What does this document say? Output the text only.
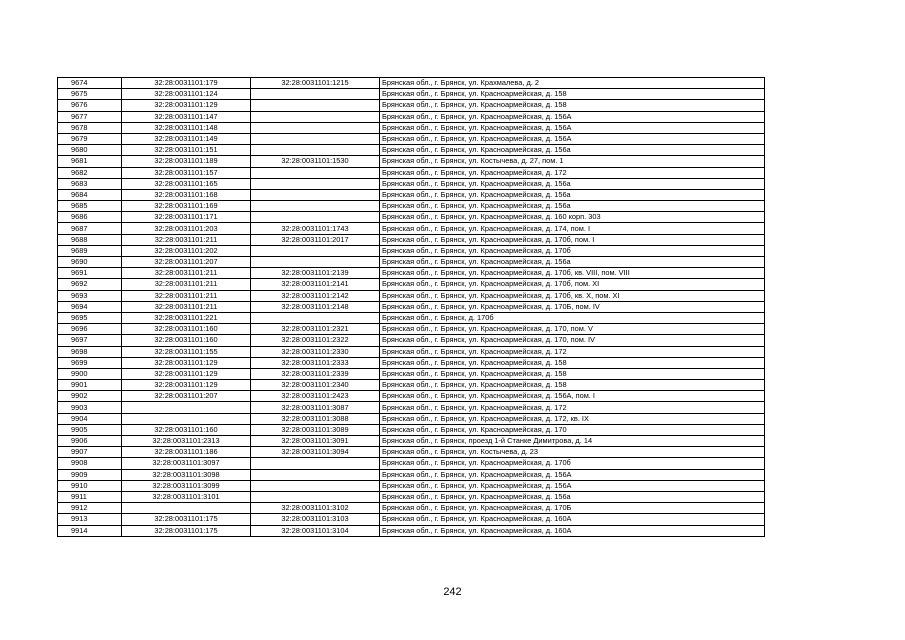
9674	32:28:0031101:179	32:28:0031101:1215	Брянская обл., г. Брянск, ул. Крахмалева, д. 2
9675	32:28:0031101:124		Брянская обл., г. Брянск, ул. Красноармейская, д. 158
9676	32:28:0031101:129		Брянская обл., г. Брянск, ул. Красноармейская, д. 158
9677	32:28:0031101:147		Брянская обл., г. Брянск, ул. Красноармейская, д. 156А
9678	32:28:0031101:148		Брянская обл., г. Брянск, ул. Красноармейская, д. 156А
9679	32:28:0031101:149		Брянская обл., г. Брянск, ул. Красноармейская, д. 156А
9680	32:28:0031101:151		Брянская обл., г. Брянск, ул. Красноармейская, д. 156а
9681	32:28:0031101:189	32:28:0031101:1530	Брянская обл., г. Брянск, ул. Костычева, д. 27, пом. 1
9682	32:28:0031101:157		Брянская обл., г. Брянск, ул. Красноармейская, д. 172
9683	32:28:0031101:165		Брянская обл., г. Брянск, ул. Красноармейская, д. 156а
9684	32:28:0031101:168		Брянская обл., г. Брянск, ул. Красноармейская, д. 156а
9685	32:28:0031101:169		Брянская обл., г. Брянск, ул. Красноармейская, д. 156а
9686	32:28:0031101:171		Брянская обл., г. Брянск, ул. Красноармейская, д. 160 корп. 303
9687	32:28:0031101:203	32:28:0031101:1743	Брянская обл., г. Брянск, ул. Красноармейская, д. 174, пом. I
9688	32:28:0031101:211	32:28:0031101:2017	Брянская обл., г. Брянск, ул. Красноармейская, д. 170б, пом. I
9689	32:28:0031101:202		Брянская обл., г. Брянск, ул. Красноармейская, д. 170б
9690	32:28:0031101:207		Брянская обл., г. Брянск, ул. Красноармейская, д. 156а
9691	32:28:0031101:211	32:28:0031101:2139	Брянская обл., г. Брянск, ул. Красноармейская, д. 170б, кв. VIII, пом. VIII
9692	32:28:0031101:211	32:28:0031101:2141	Брянская обл., г. Брянск, ул. Красноармейская, д. 170б, пом. XI
9693	32:28:0031101:211	32:28:0031101:2142	Брянская обл., г. Брянск, ул. Красноармейская, д. 170б, кв. X, пом. XI
9694	32:28:0031101:211	32:28:0031101:2148	Брянская обл., г. Брянск, ул. Красноармейская, д. 170Б, пом. IV
9695	32:28:0031101:221		Брянская обл., г. Брянск, д. 170б
9696	32:28:0031101:160	32:28:0031101:2321	Брянская обл., г. Брянск, ул. Красноармейская, д. 170, пом. V
9697	32:28:0031101:160	32:28:0031101:2322	Брянская обл., г. Брянск, ул. Красноармейская, д. 170, пом. IV
9698	32:28:0031101:155	32:28:0031101:2330	Брянская обл., г. Брянск, ул. Красноармейская, д. 172
9699	32:28:0031101:129	32:28:0031101:2333	Брянская обл., г. Брянск, ул. Красноармейская, д. 158
9900	32:28:0031101:129	32:28:0031101:2339	Брянская обл., г. Брянск, ул. Красноармейская, д. 158
9901	32:28:0031101:129	32:28:0031101:2340	Брянская обл., г. Брянск, ул. Красноармейская, д. 158
9902	32:28:0031101:207	32:28:0031101:2423	Брянская обл., г. Брянск, ул. Красноармейская, д. 156А, пом. I
9903		32:28:0031101:3087	Брянская обл., г. Брянск, ул. Красноармейская, д. 172
9904		32:28:0031101:3088	Брянская обл., г. Брянск, ул. Красноармейская, д. 172, кв. IX
9905	32:28:0031101:160	32:28:0031101:3089	Брянская обл., г. Брянск, ул. Красноармейская, д. 170
9906	32:28:0031101:2313	32:28:0031101:3091	Брянская обл., г. Брянск, проезд 1-й Станке Димитрова, д. 14
9907	32:28:0031101:186	32:28:0031101:3094	Брянская обл., г. Брянск, ул. Костычева, д. 23
9908	32:28:0031101:3097		Брянская обл., г. Брянск, ул. Красноармейская, д. 170б
9909	32:28:0031101:3098		Брянская обл., г. Брянск, ул. Красноармейская, д. 156А
9910	32:28:0031101:3099		Брянская обл., г. Брянск, ул. Красноармейская, д. 156А
9911	32:28:0031101:3101		Брянская обл., г. Брянск, ул. Красноармейская, д. 156а
9912		32:28:0031101:3102	Брянская обл., г. Брянск, ул. Красноармейская, д. 170Б
9913	32:28:0031101:175	32:28:0031101:3103	Брянская обл., г. Брянск, ул. Красноармейская, д. 160А
9914	32:28:0031101:175	32:28:0031101:3104	Брянская обл., г. Брянск, ул. Красноармейская, д. 160А
242
